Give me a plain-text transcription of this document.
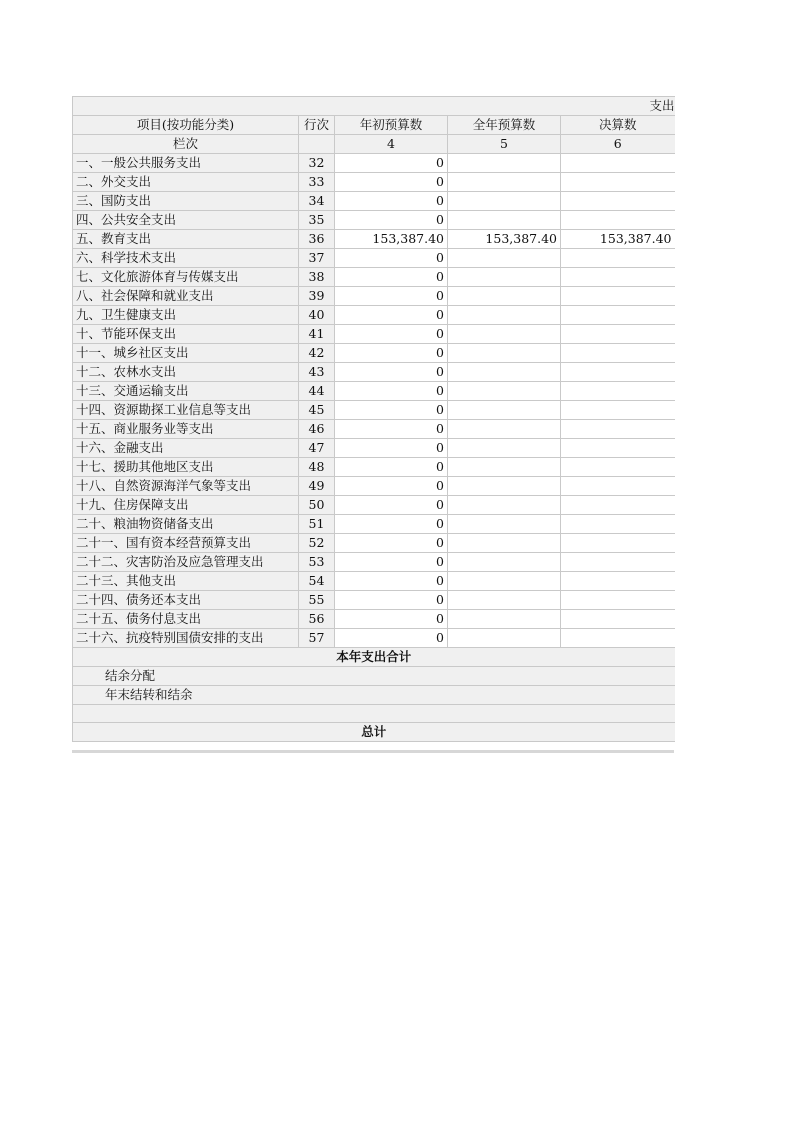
支出				
项目(按功能分类)	行次	年初预算数	全年预算数	决算数
栏次		4	5	6
一、一般公共服务支出	32	0		
二、外交支出	33	0		
三、国防支出	34	0		
四、公共安全支出	35	0		
五、教育支出	36	153,387.40	153,387.40	153,387.40
六、科学技术支出	37	0		
七、文化旅游体育与传媒支出	38	0		
八、社会保障和就业支出	39	0		
九、卫生健康支出	40	0		
十、节能环保支出	41	0		
十一、城乡社区支出	42	0		
十二、农林水支出	43	0		
十三、交通运输支出	44	0		
十四、资源勘探工业信息等支出	45	0		
十五、商业服务业等支出	46	0		
十六、金融支出	47	0		
十七、援助其他地区支出	48	0		
十八、自然资源海洋气象等支出	49	0		
十九、住房保障支出	50	0		
二十、粮油物资储备支出	51	0		
二十一、国有资本经营预算支出	52	0		
二十二、灾害防治及应急管理支出	53	0		
二十三、其他支出	54	0		
二十四、债务还本支出	55	0		
二十五、债务付息支出	56	0		
二十六、抗疫特别国债安排的支出	57	0		
本年支出合计				
结余分配				
年末结转和结余				

总计				
